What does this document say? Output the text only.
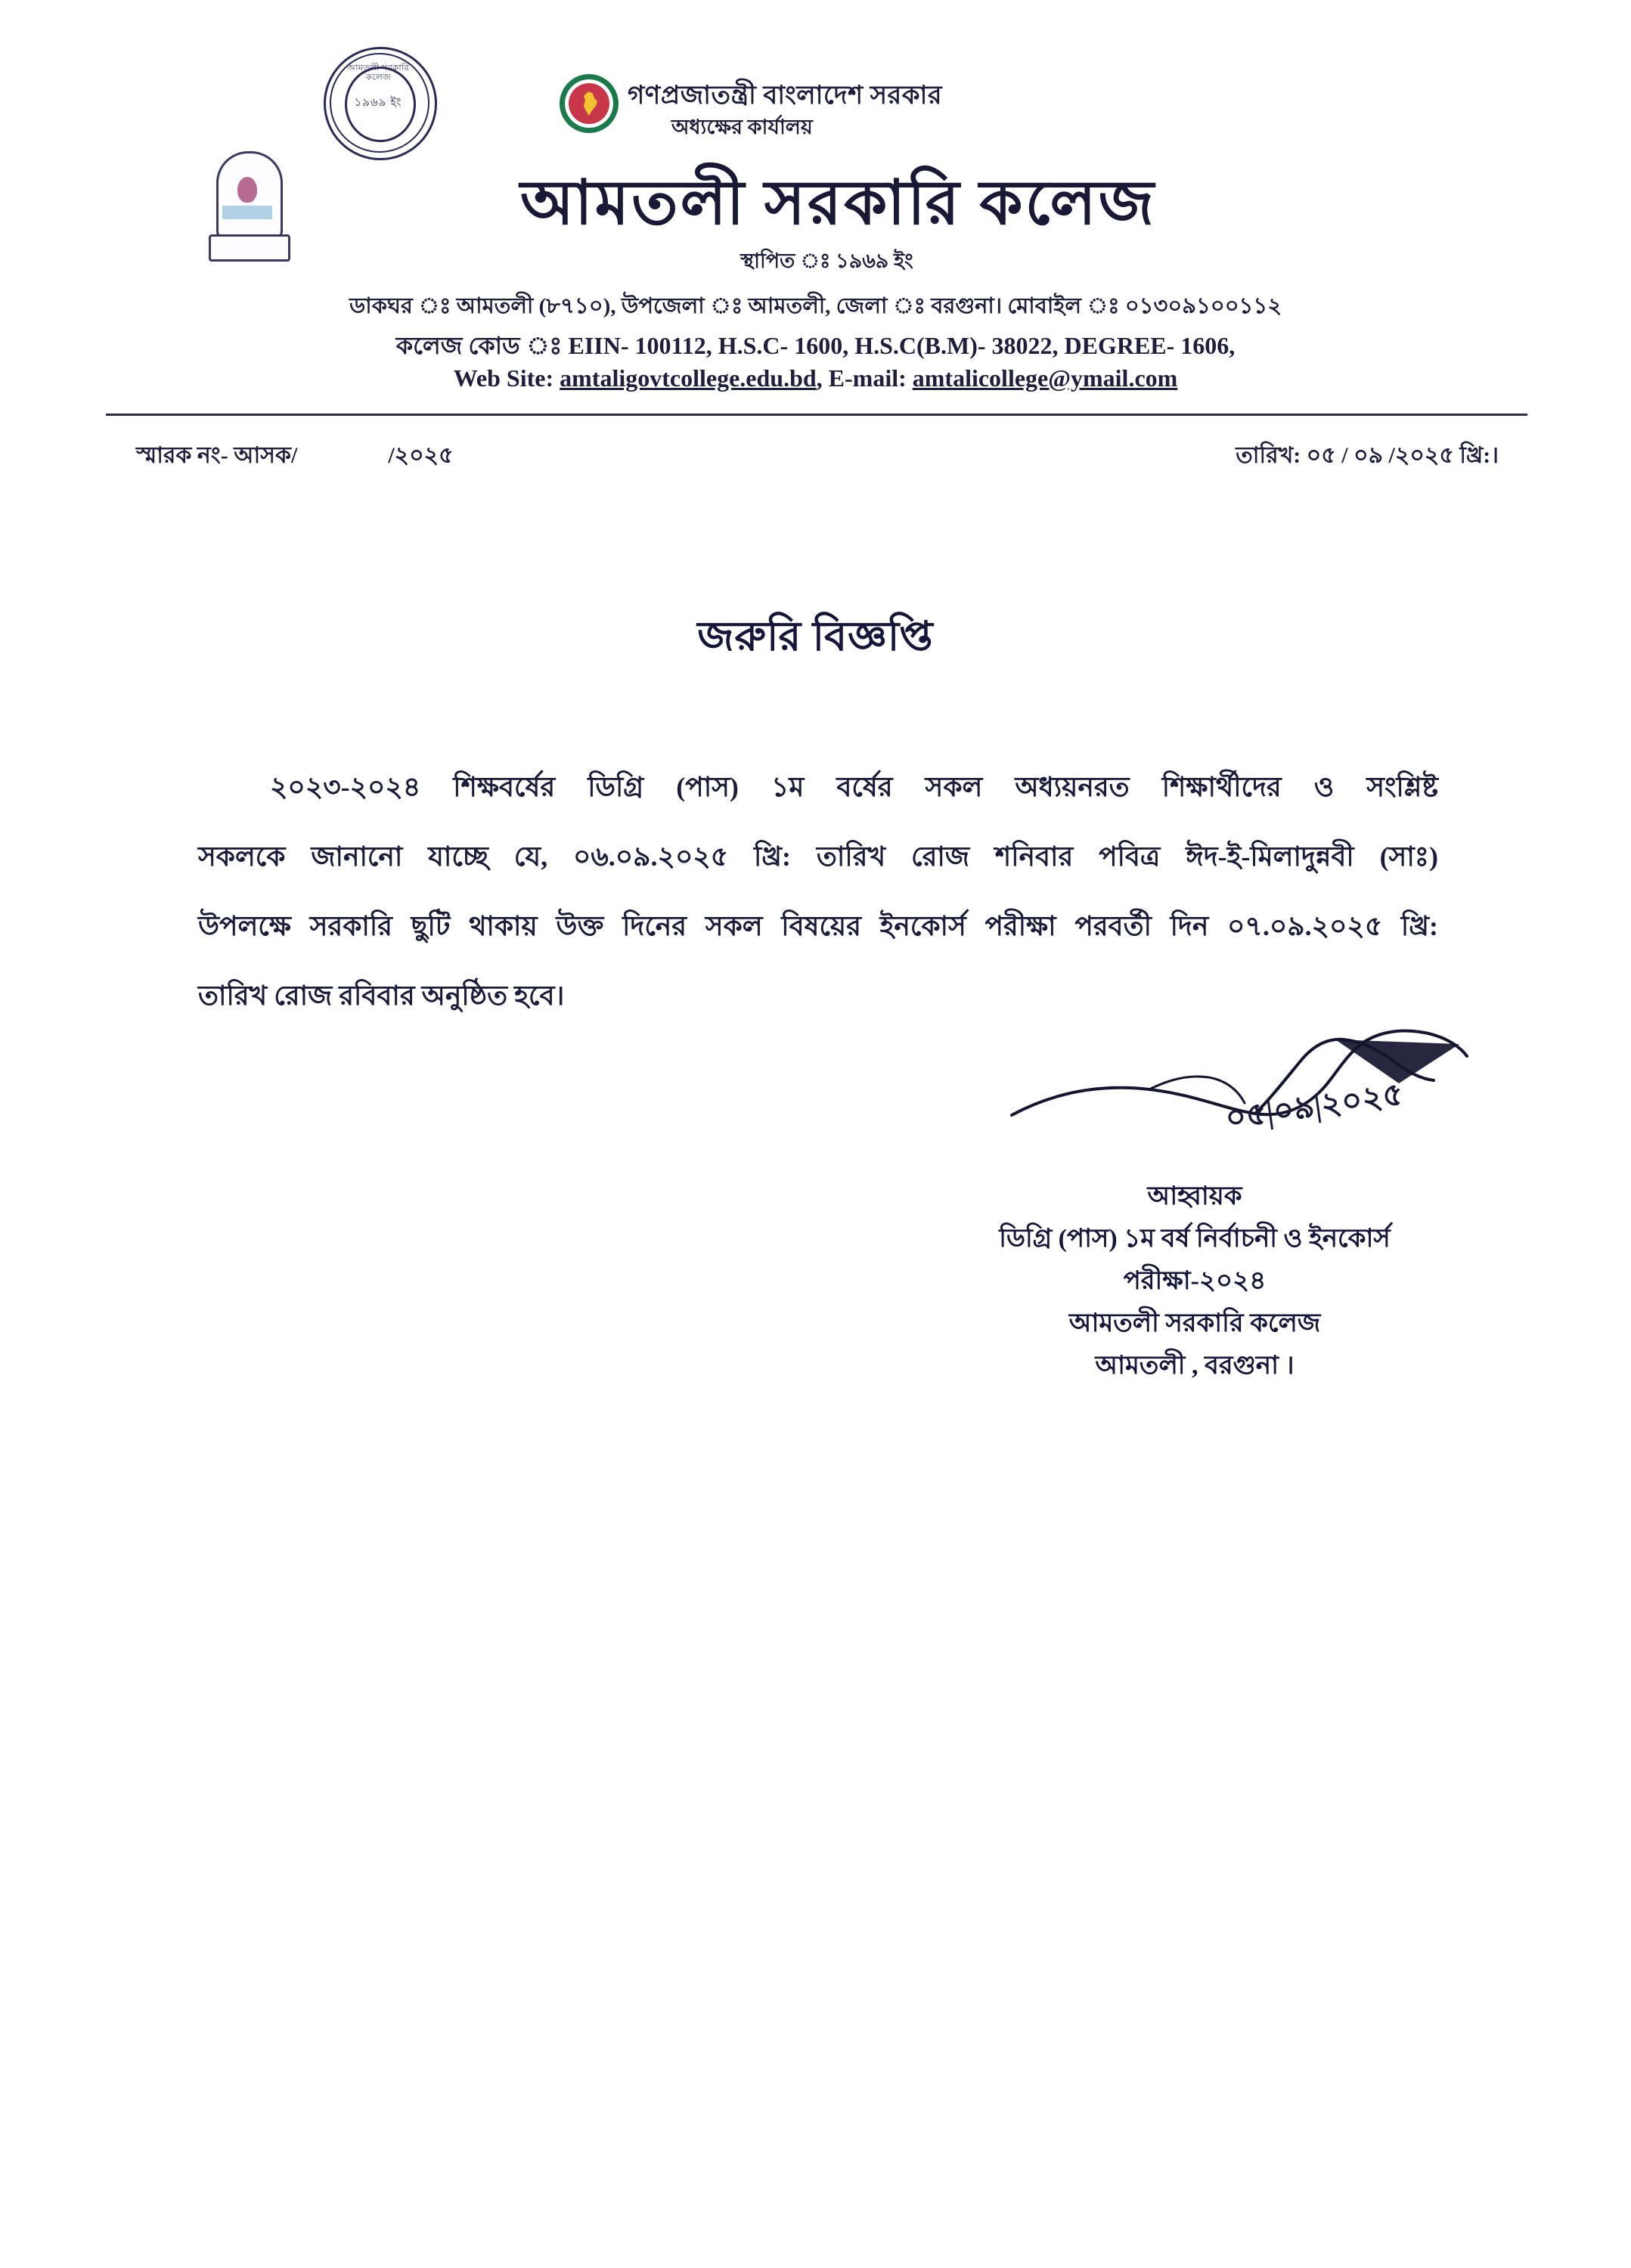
আমতলী সরকারি কলেজ
১৯৬৯ ইং	গণপ্রজাতন্ত্রী বাংলাদেশ সরকার
অধ্যক্ষের কার্যালয়
আমতলী সরকারি কলেজ
স্থাপিত ঃ ১৯৬৯ ইং
ডাকঘর ঃ আমতলী (৮৭১০), উপজেলা ঃ আমতলী, জেলা ঃ বরগুনা। মোবাইল ঃ ০১৩০৯১০০১১২
কলেজ কোড ঃ EIIN- 100112, H.S.C- 1600, H.S.C(B.M)- 38022, DEGREE- 1606,
Web Site: amtaligovtcollege.edu.bd, E-mail: amtalicollege@ymail.com
স্মারক নং- আসক/	/২০২৫	তারিখ: ০৫ / ০৯ /২০২৫ খ্রি:।
জরুরি বিজ্ঞপ্তি
২০২৩-২০২৪ শিক্ষবর্ষের ডিগ্রি (পাস) ১ম বর্ষের সকল অধ্যয়নরত শিক্ষার্থীদের ও সংশ্লিষ্ট
সকলকে জানানো যাচ্ছে যে, ০৬.০৯.২০২৫ খ্রি: তারিখ রোজ শনিবার পবিত্র ঈদ-ই-মিলাদুন্নবী (সাঃ)
উপলক্ষে সরকারি ছুটি থাকায় উক্ত দিনের সকল বিষয়ের ইনকোর্স পরীক্ষা পরবর্তী দিন ০৭.০৯.২০২৫ খ্রি:
তারিখ রোজ রবিবার অনুষ্ঠিত হবে।
০৫|০৯|২০২৫
আহ্বায়ক
ডিগ্রি (পাস) ১ম বর্ষ নির্বাচনী ও ইনকোর্স
পরীক্ষা-২০২৪
আমতলী সরকারি কলেজ
আমতলী , বরগুনা ।
